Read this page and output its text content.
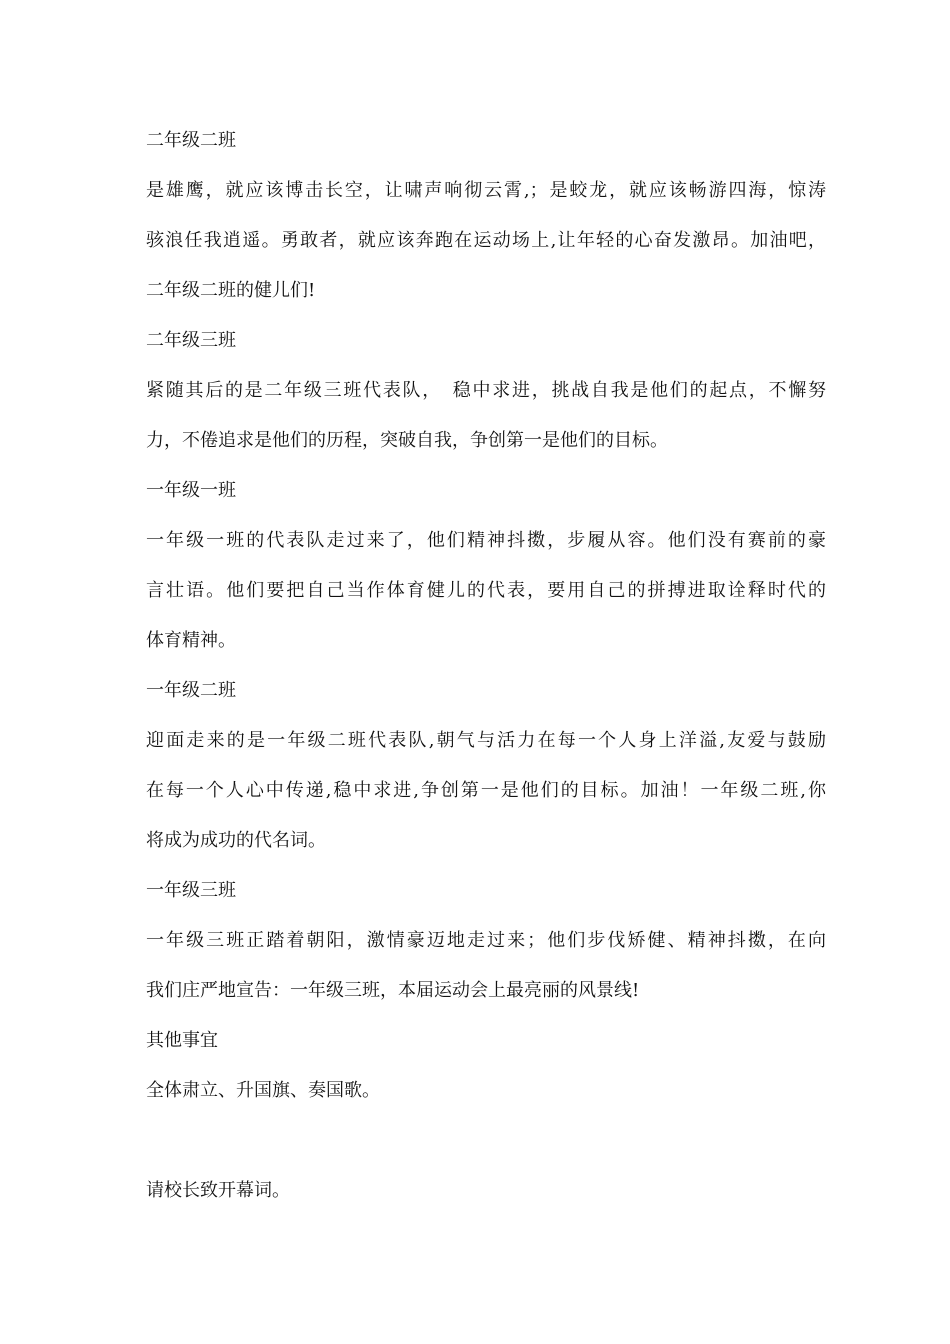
二年级二班
是雄鹰，就应该博击长空，让啸声响彻云霄,；是蛟龙，就应该畅游四海，惊涛
骇浪任我逍遥。勇敢者，就应该奔跑在运动场上,让年轻的心奋发激昂。加油吧，
二年级二班的健儿们!
二年级三班
紧随其后的是二年级三班代表队，　稳中求进，挑战自我是他们的起点，不懈努
力，不倦追求是他们的历程，突破自我，争创第一是他们的目标。
一年级一班
一年级一班的代表队走过来了，他们精神抖擞，步履从容。他们没有赛前的豪
言壮语。他们要把自己当作体育健儿的代表，要用自己的拼搏进取诠释时代的
体育精神。
一年级二班
迎面走来的是一年级二班代表队,朝气与活力在每一个人身上洋溢,友爱与鼓励
在每一个人心中传递,稳中求进,争创第一是他们的目标。加油！一年级二班,你
将成为成功的代名词。
一年级三班
一年级三班正踏着朝阳，激情豪迈地走过来；他们步伐矫健、精神抖擞，在向
我们庄严地宣告：一年级三班，本届运动会上最亮丽的风景线!
其他事宜
全体肃立、升国旗、奏国歌。
请校长致开幕词。
